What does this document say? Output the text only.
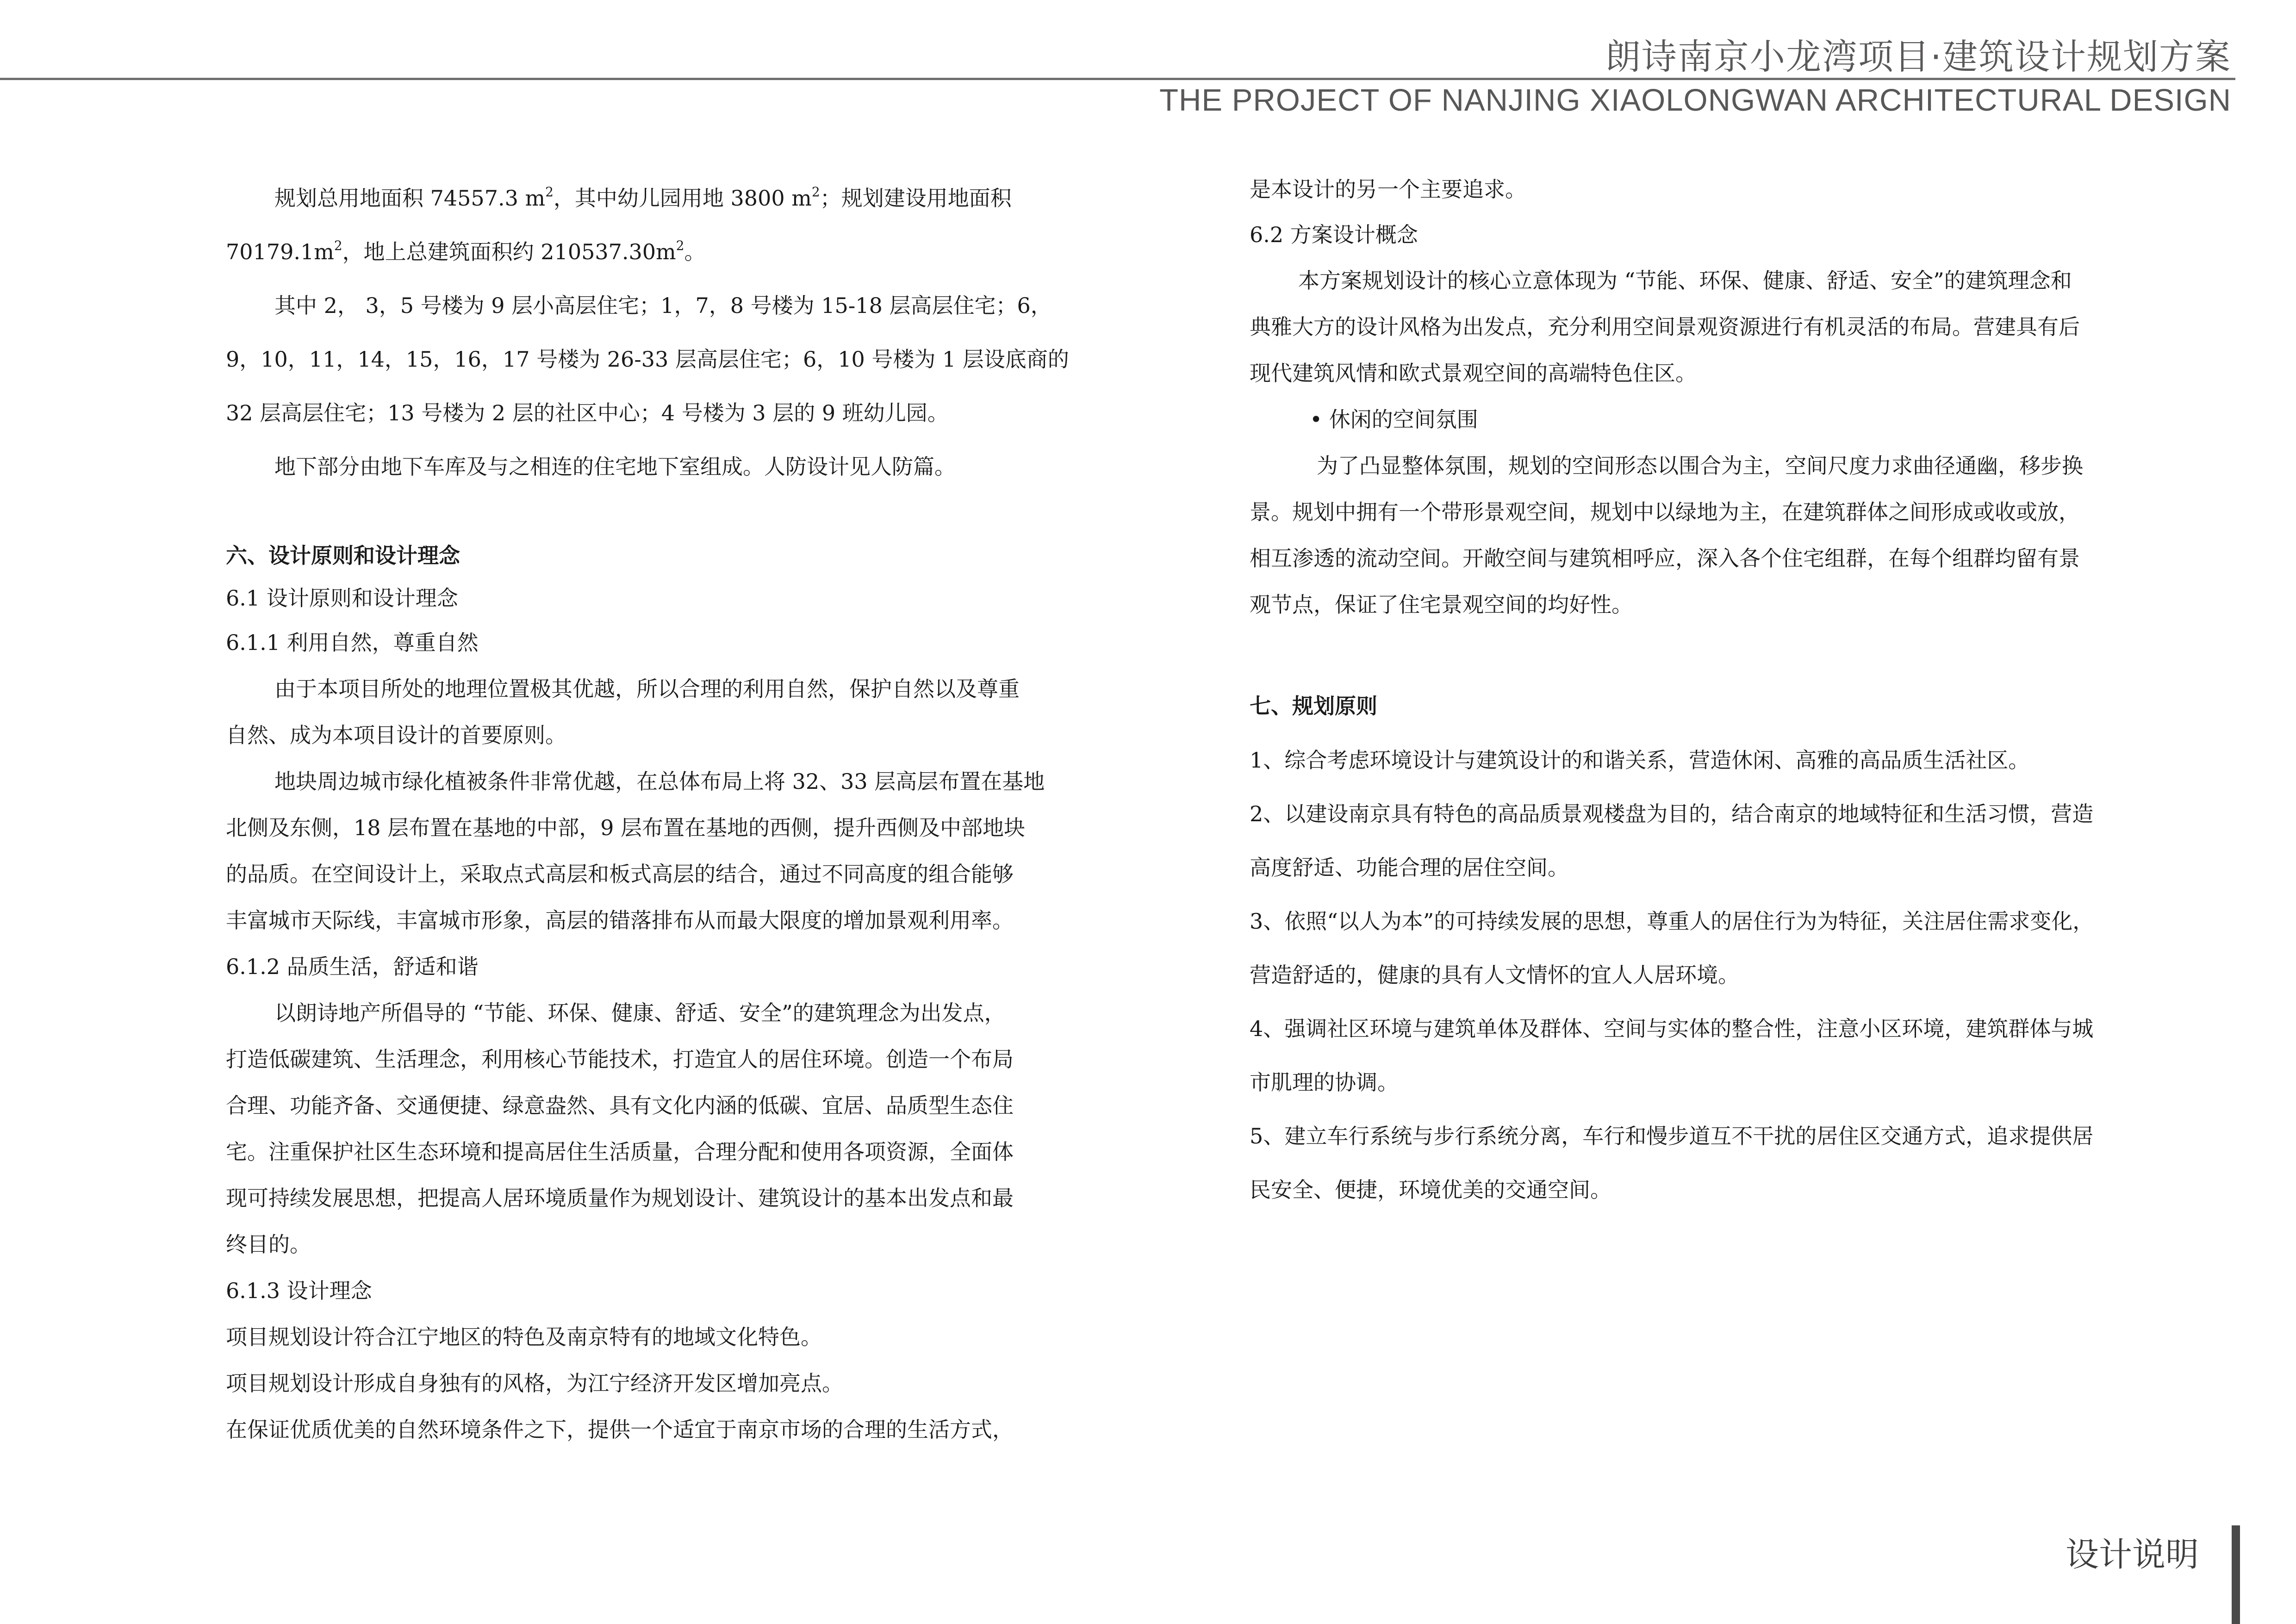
朗诗南京小龙湾项目·建筑设计规划方案
THE PROJECT OF NANJING XIAOLONGWAN ARCHITECTURAL DESIGN
规划总用地面积 74557.3 $m^2$，其中幼儿园用地 3800 $m^2$；规划建设用地面积
$70179.1m^2$，地上总建筑面积约 $210537.30m^2$。
其中 2， 3，5 号楼为 9 层小高层住宅；1，7，8 号楼为 15-18 层高层住宅；6，
9，10，11，14，15，16，17 号楼为 26-33 层高层住宅；6，10 号楼为 1 层设底商的
32 层高层住宅；13 号楼为 2 层的社区中心；4 号楼为 3 层的 9 班幼儿园。
地下部分由地下车库及与之相连的住宅地下室组成。人防设计见人防篇。
六、设计原则和设计理念
6.1 设计原则和设计理念
6.1.1 利用自然，尊重自然
由于本项目所处的地理位置极其优越，所以合理的利用自然，保护自然以及尊重
自然、成为本项目设计的首要原则。
地块周边城市绿化植被条件非常优越，在总体布局上将 32、33 层高层布置在基地
北侧及东侧，18 层布置在基地的中部，9 层布置在基地的西侧，提升西侧及中部地块
的品质。在空间设计上，采取点式高层和板式高层的结合，通过不同高度的组合能够
丰富城市天际线，丰富城市形象，高层的错落排布从而最大限度的增加景观利用率。
6.1.2 品质生活，舒适和谐
以朗诗地产所倡导的 “节能、环保、健康、舒适、安全”的建筑理念为出发点，
打造低碳建筑、生活理念，利用核心节能技术，打造宜人的居住环境。创造一个布局
合理、功能齐备、交通便捷、绿意盎然、具有文化内涵的低碳、宜居、品质型生态住
宅。注重保护社区生态环境和提高居住生活质量，合理分配和使用各项资源，全面体
现可持续发展思想，把提高人居环境质量作为规划设计、建筑设计的基本出发点和最
终目的。
6.1.3 设计理念
项目规划设计符合江宁地区的特色及南京特有的地域文化特色。
项目规划设计形成自身独有的风格，为江宁经济开发区增加亮点。
在保证优质优美的自然环境条件之下，提供一个适宜于南京市场的合理的生活方式，
是本设计的另一个主要追求。
6.2 方案设计概念
本方案规划设计的核心立意体现为 “节能、环保、健康、舒适、安全”的建筑理念和
典雅大方的设计风格为出发点，充分利用空间景观资源进行有机灵活的布局。营建具有后
现代建筑风情和欧式景观空间的高端特色住区。
• 休闲的空间氛围
为了凸显整体氛围，规划的空间形态以围合为主，空间尺度力求曲径通幽，移步换
景。规划中拥有一个带形景观空间，规划中以绿地为主，在建筑群体之间形成或收或放，
相互渗透的流动空间。开敞空间与建筑相呼应，深入各个住宅组群，在每个组群均留有景
观节点，保证了住宅景观空间的均好性。
七、规划原则
1、综合考虑环境设计与建筑设计的和谐关系，营造休闲、高雅的高品质生活社区。
2、以建设南京具有特色的高品质景观楼盘为目的，结合南京的地域特征和生活习惯，营造
高度舒适、功能合理的居住空间。
3、依照“以人为本”的可持续发展的思想，尊重人的居住行为为特征，关注居住需求变化，
营造舒适的，健康的具有人文情怀的宜人人居环境。
4、强调社区环境与建筑单体及群体、空间与实体的整合性，注意小区环境，建筑群体与城
市肌理的协调。
5、建立车行系统与步行系统分离，车行和慢步道互不干扰的居住区交通方式，追求提供居
民安全、便捷，环境优美的交通空间。
设计说明
